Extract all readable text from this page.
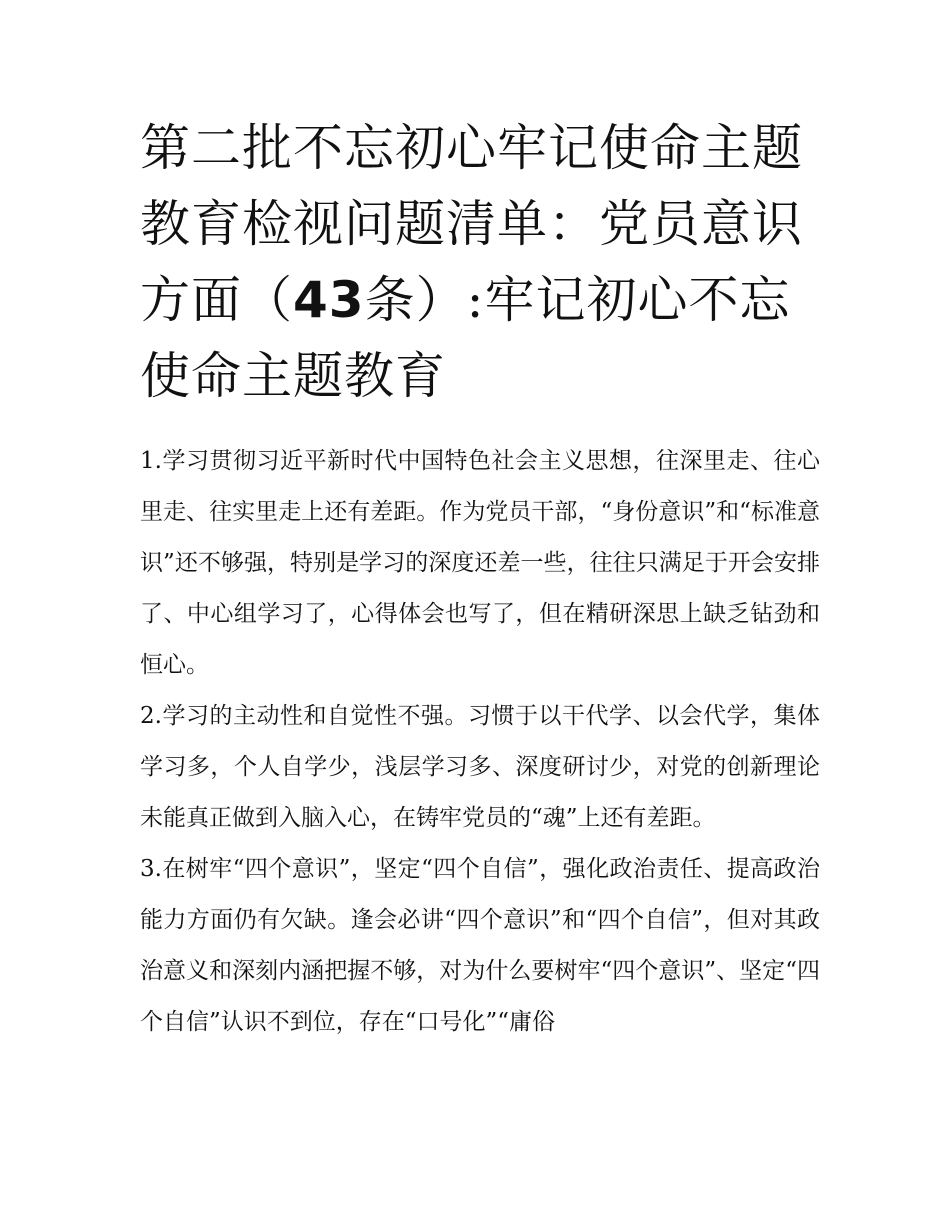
第二批不忘初心牢记使命主题教育检视问题清单：党员意识方面（43条）:牢记初心不忘使命主题教育

1.学习贯彻习近平新时代中国特色社会主义思想，往深里走、往心里走、往实里走上还有差距。作为党员干部，“身份意识”和“标准意识”还不够强，特别是学习的深度还差一些，往往只满足于开会安排了、中心组学习了，心得体会也写了，但在精研深思上缺乏钻劲和恒心。

2.学习的主动性和自觉性不强。习惯于以干代学、以会代学，集体学习多，个人自学少，浅层学习多、深度研讨少，对党的创新理论未能真正做到入脑入心，在铸牢党员的“魂”上还有差距。

3.在树牢“四个意识”，坚定“四个自信”，强化政治责任、提高政治能力方面仍有欠缺。逢会必讲“四个意识”和“四个自信”，但对其政治意义和深刻内涵把握不够，对为什么要树牢“四个意识”、坚定“四个自信”认识不到位，存在“口号化”“庸俗
